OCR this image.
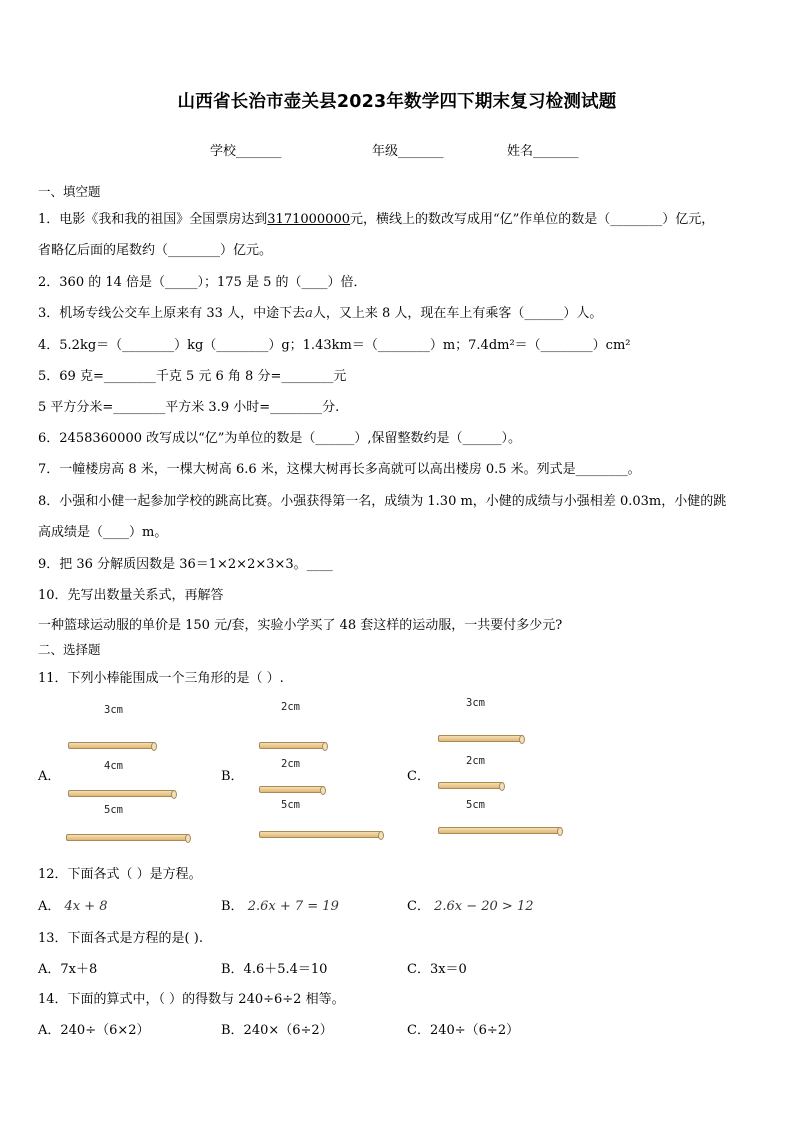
山西省长治市壶关县2023年数学四下期末复习检测试题
学校_______	年级_______	姓名_______
一、填空题
1．电影《我和我的祖国》全国票房达到3171000000元，横线上的数改写成用“亿”作单位的数是（________）亿元，
省略亿后面的尾数约（________）亿元。
2．360 的 14 倍是（_____）；175 是 5 的（____）倍．
3．机场专线公交车上原来有 33 人，中途下去a人，又上来 8 人，现在车上有乘客（______）人。
4．5.2kg＝（________）kg（________）g；1.43km＝（________）m；7.4dm²＝（________）cm²
5．69 克=________千克 5 元 6 角 8 分=________元
5 平方分米=________平方米 3.9 小时=________分.
6．2458360000 改写成以“亿”为单位的数是（______）,保留整数约是（______）。
7．一幢楼房高 8 米，一棵大树高 6.6 米，这棵大树再长多高就可以高出楼房 0.5 米。列式是________。
8．小强和小健一起参加学校的跳高比赛。小强获得第一名，成绩为 1.30 m，小健的成绩与小强相差 0.03m，小健的跳
高成绩是（____）m。
9．把 36 分解质因数是 36＝1×2×2×3×3。____
10．先写出数量关系式，再解答
一种篮球运动服的单价是 150 元/套，实验小学买了 48 套这样的运动服，一共要付多少元?
二、选择题
11．下列小棒能围成一个三角形的是（ ）.
A．
3cm
4cm
5cm
B．
2cm
2cm
5cm
C．
3cm
2cm
5cm
12．下面各式（ ）是方程。
A． 4x + 8	B． 2.6x + 7 = 19	C． 2.6x − 20 > 12
13．下面各式是方程的是( ).
A．7x＋8	B．4.6＋5.4＝10	C．3x＝0
14．下面的算式中，（ ）的得数与 240÷6÷2 相等。
A．240÷（6×2）	B．240×（6÷2）	C．240÷（6÷2）
